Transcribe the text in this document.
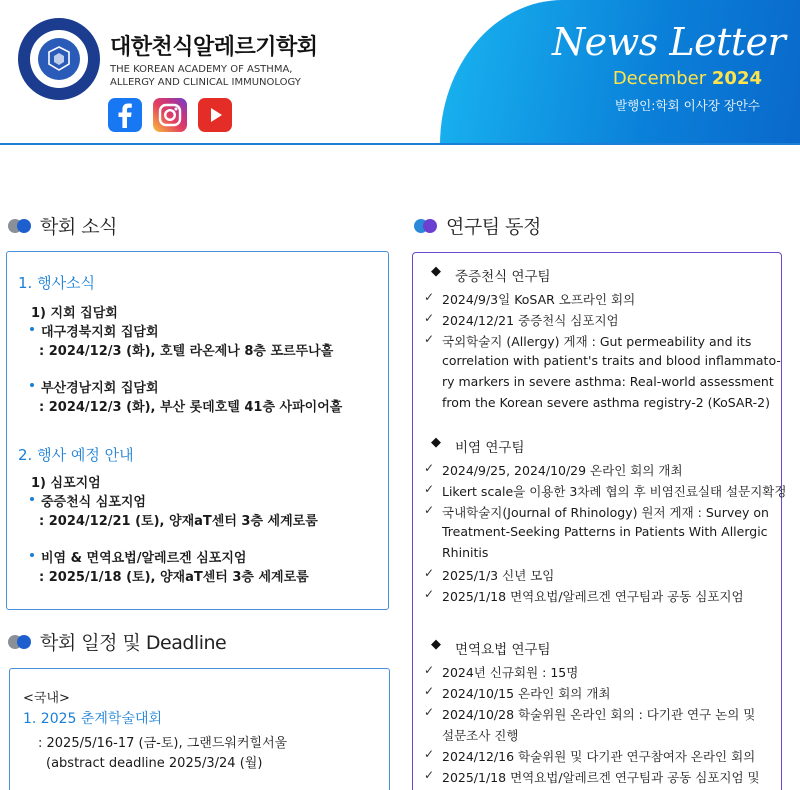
대한천식알레르기학회
THE KOREAN ACADEMY OF ASTHMA,
ALLERGY AND CLINICAL IMMUNOLOGY
News Letter
December 2024
발행인:학회 이사장 장안수
학회 소식
1. 행사소식
1) 지회 집담회
대구경북지회 집담회
: 2024/12/3 (화), 호텔 라온제나 8층 포르뚜나홀
부산경남지회 집담회
: 2024/12/3 (화), 부산 롯데호텔 41층 사파이어홀
2. 행사 예정 안내
1) 심포지엄
중증천식 심포지엄
: 2024/12/21 (토), 양재aT센터 3층 세계로룸
비염 & 면역요법/알레르겐 심포지엄
: 2025/1/18 (토), 양재aT센터 3층 세계로룸
학회 일정 및 Deadline
<국내>
1. 2025 춘계학술대회
: 2025/5/16-17 (금-토), 그랜드워커힐서울
(abstract deadline 2025/3/24 (월)
연구팀 동정
◆ 중증천식 연구팀
✓ 2024/9/3일 KoSAR 오프라인 회의
✓ 2024/12/21 중증천식 심포지엄
✓ 국외학술지 (Allergy) 게재 : Gut permeability and its
correlation with patient's traits and blood inflammato-
ry markers in severe asthma: Real-world assessment
from the Korean severe asthma registry-2 (KoSAR-2)
◆ 비염 연구팀
✓ 2024/9/25, 2024/10/29 온라인 회의 개최
✓ Likert scale을 이용한 3차례 협의 후 비염진료실태 설문지확정
✓ 국내학술지(Journal of Rhinology) 원저 게재 : Survey on
Treatment-Seeking Patterns in Patients With Allergic
Rhinitis
✓ 2025/1/3 신년 모임
✓ 2025/1/18 면역요법/알레르겐 연구팀과 공동 심포지엄
◆ 면역요법 연구팀
✓ 2024년 신규회원 : 15명
✓ 2024/10/15 온라인 회의 개최
✓ 2024/10/28 학술위원 온라인 회의 : 다기관 연구 논의 및
설문조사 진행
✓ 2024/12/16 학술위원 및 다기관 연구참여자 온라인 회의
✓ 2025/1/18 면역요법/알레르겐 연구팀과 공동 심포지엄 및
